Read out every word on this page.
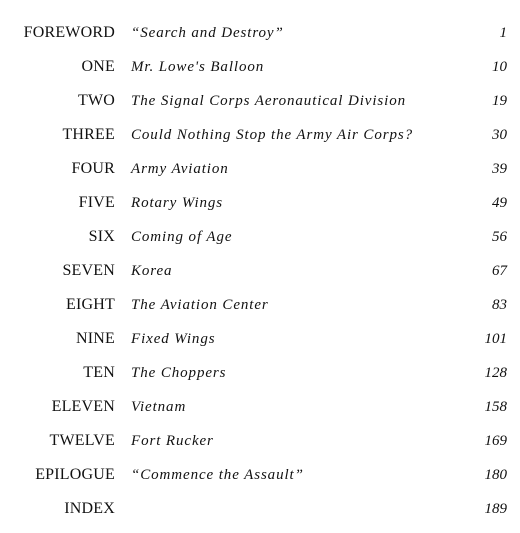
FOREWORD “Search and Destroy”	1
ONE Mr. Lowe's Balloon	10
TWO The Signal Corps Aeronautical Division	19
THREE Could Nothing Stop the Army Air Corps?	30
FOUR Army Aviation	39
FIVE Rotary Wings	49
SIX Coming of Age	56
SEVEN Korea	67
EIGHT The Aviation Center	83
NINE Fixed Wings	101
TEN The Choppers	128
ELEVEN Vietnam	158
TWELVE Fort Rucker	169
EPILOGUE “Commence the Assault”	180
INDEX	189
